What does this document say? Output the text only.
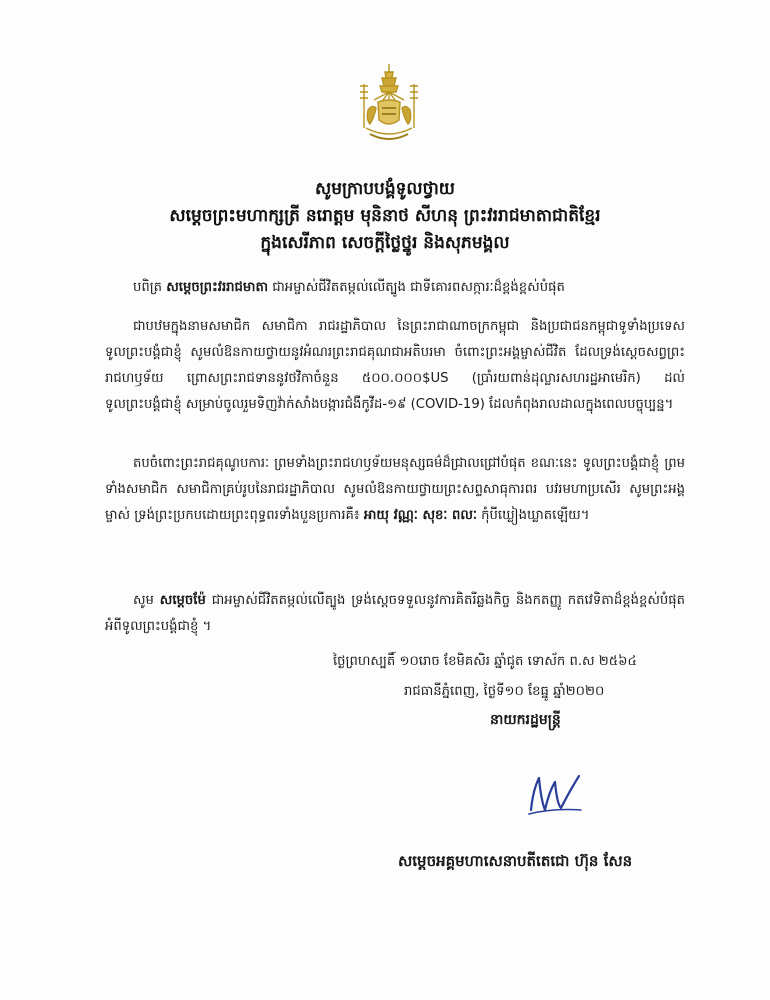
សូមក្រាបបង្គំទូលថ្វាយ
សម្តេចព្រះមហាក្សត្រី នរោត្តម មុនិនាថ សីហនុ ព្រះវររាជមាតាជាតិខ្មែរ
ក្នុងសេរីភាព សេចក្តីថ្លៃថ្នូរ និងសុភមង្គល
បពិត្រ សម្តេចព្រះវររាជមាតា ជាអម្ចាស់ជីវិតតម្កល់លើត្បូង ជាទីគោរពសក្ការៈដ៏ខ្ពង់ខ្ពស់បំផុត
ជាបឋមក្នុងនាមសមាជិក សមាជិកា រាជរដ្ឋាភិបាល នៃព្រះរាជាណាចក្រកម្ពុជា និងប្រជាជនកម្ពុជាទូទាំងប្រទេស ទូលព្រះបង្គំជាខ្ញុំ សូមលំឱនកាយថ្វាយនូវអំណរព្រះរាជគុណជាអតិបរមា ចំពោះព្រះអង្គម្ចាស់ជីវិត ដែលទ្រង់ស្តេចសព្វព្រះរាជហឫទ័យ ព្រោសព្រះរាជទាននូវថវិកាចំនួន ៥០០.០០០$US (ប្រាំរយពាន់ដុល្លារសហរដ្ឋអាមេរិក) ដល់ទូលព្រះបង្គំជាខ្ញុំ សម្រាប់ចូលរួមទិញវ៉ាក់សាំងបង្ការជំងឺកូវីដ-១៩ (COVID-19) ដែលកំពុងរាលដាលក្នុងពេលបច្ចុប្បន្ន។
តបចំពោះព្រះរាជគុណូបការៈ ព្រមទាំងព្រះរាជហឫទ័យមនុស្សធម៌ដ៏ជ្រាលជ្រៅបំផុត ខណៈនេះ ទូលព្រះបង្គំជាខ្ញុំ ព្រមទាំងសមាជិក សមាជិកាគ្រប់រូបនៃរាជរដ្ឋាភិបាល សូមលំឱនកាយថ្វាយព្រះសព្ទសាធុការពរ បវរមហាប្រសើរ សូមព្រះអង្គម្ចាស់ ទ្រង់ព្រះប្រកបដោយព្រះពុទ្ធពរទាំងបួនប្រការគឺ៖ អាយុ វណ្ណៈ សុខៈ ពលៈ កុំបីឃ្លៀងឃ្លាតឡើយ។
សូម សម្តេចម៉ែ ជាអម្ចាស់ជីវិតតម្កល់លើត្បូង ទ្រង់ស្តេចទទួលនូវការគិតរីឆ្លងកិច្ច និងកតញ្ញូ កតវេទិតាដ៏ខ្ពង់ខ្ពស់បំផុតអំពីទូលព្រះបង្គំជាខ្ញុំ ។
ថ្ងៃព្រហស្បតិ៍ ១០រោច ខែមិគសិរ ឆ្នាំជូត ទោស័ក ព.ស ២៥៦៤
រាជធានីភ្នំពេញ, ថ្ងៃទី១០ ខែធ្នូ ឆ្នាំ២០២០
នាយករដ្ឋមន្ត្រី
សម្តេចអគ្គមហាសេនាបតីតេជោ ហ៊ុន សែន
